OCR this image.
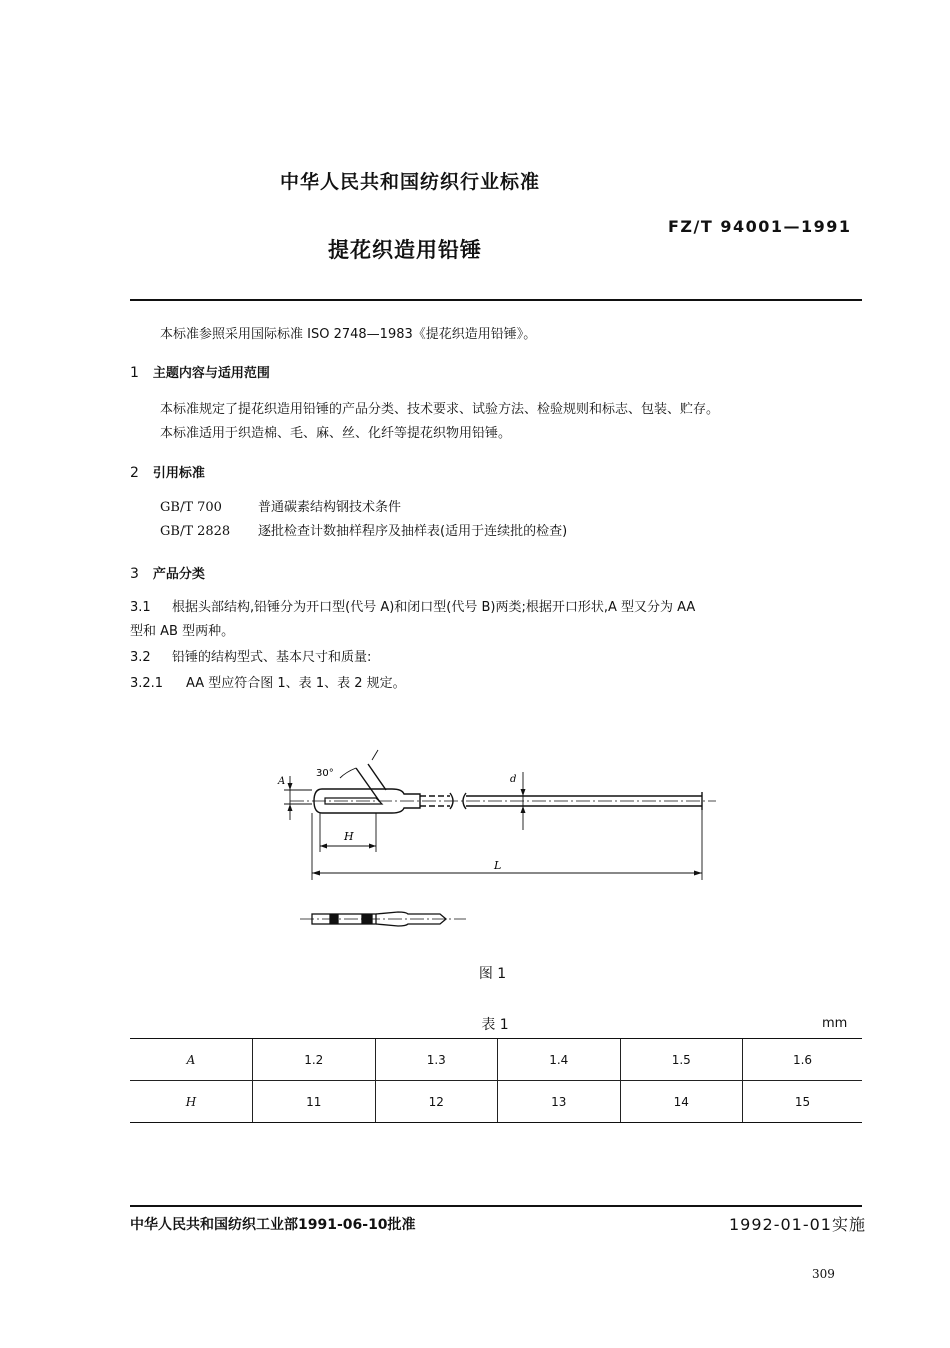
中华人民共和国纺织行业标准
FZ/T 94001—1991
提花织造用铅锤
本标准参照采用国际标准 ISO 2748—1983《提花织造用铅锤》。
1 主题内容与适用范围
本标准规定了提花织造用铅锤的产品分类、技术要求、试验方法、检验规则和标志、包装、贮存。
本标准适用于织造棉、毛、麻、丝、化纤等提花织物用铅锤。
2 引用标准
GB/T 700	普通碳素结构钢技术条件
GB/T 2828 逐批检查计数抽样程序及抽样表(适用于连续批的检查)
3 产品分类
3.1 根据头部结构,铅锤分为开口型(代号 A)和闭口型(代号 B)两类;根据开口形状,A 型又分为 AA
型和 AB 型两种。
3.2 铅锤的结构型式、基本尺寸和质量:
3.2.1 AA 型应符合图 1、表 1、表 2 规定。
30°
A
H
L
d
图 1
表 1	mm
A	1.2	1.3	1.4	1.5	1.6
H	11	12	13	14	15
中华人民共和国纺织工业部1991-06-10批准	1992-01-01实施
309
